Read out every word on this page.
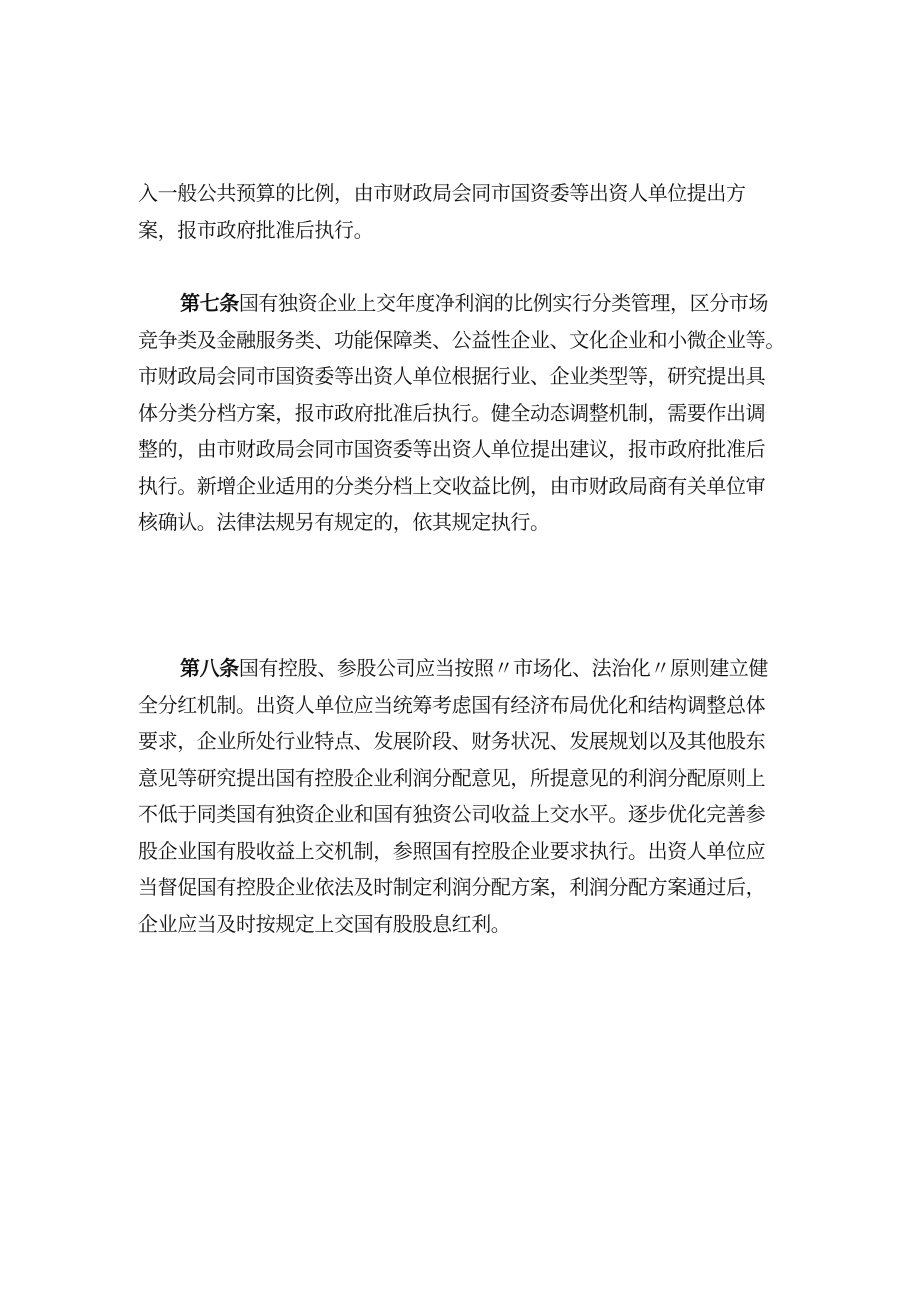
入一般公共预算的比例，由市财政局会同市国资委等出资人单位提出方
案，报市政府批准后执行。
第七条国有独资企业上交年度净利润的比例实行分类管理，区分市场
竞争类及金融服务类、功能保障类、公益性企业、文化企业和小微企业等。
市财政局会同市国资委等出资人单位根据行业、企业类型等，研究提出具
体分类分档方案，报市政府批准后执行。健全动态调整机制，需要作出调
整的，由市财政局会同市国资委等出资人单位提出建议，报市政府批准后
执行。新增企业适用的分类分档上交收益比例，由市财政局商有关单位审
核确认。法律法规另有规定的，依其规定执行。
第八条国有控股、参股公司应当按照〃市场化、法治化〃原则建立健
全分红机制。出资人单位应当统筹考虑国有经济布局优化和结构调整总体
要求，企业所处行业特点、发展阶段、财务状况、发展规划以及其他股东
意见等研究提出国有控股企业利润分配意见，所提意见的利润分配原则上
不低于同类国有独资企业和国有独资公司收益上交水平。逐步优化完善参
股企业国有股收益上交机制，参照国有控股企业要求执行。出资人单位应
当督促国有控股企业依法及时制定利润分配方案，利润分配方案通过后，
企业应当及时按规定上交国有股股息红利。
